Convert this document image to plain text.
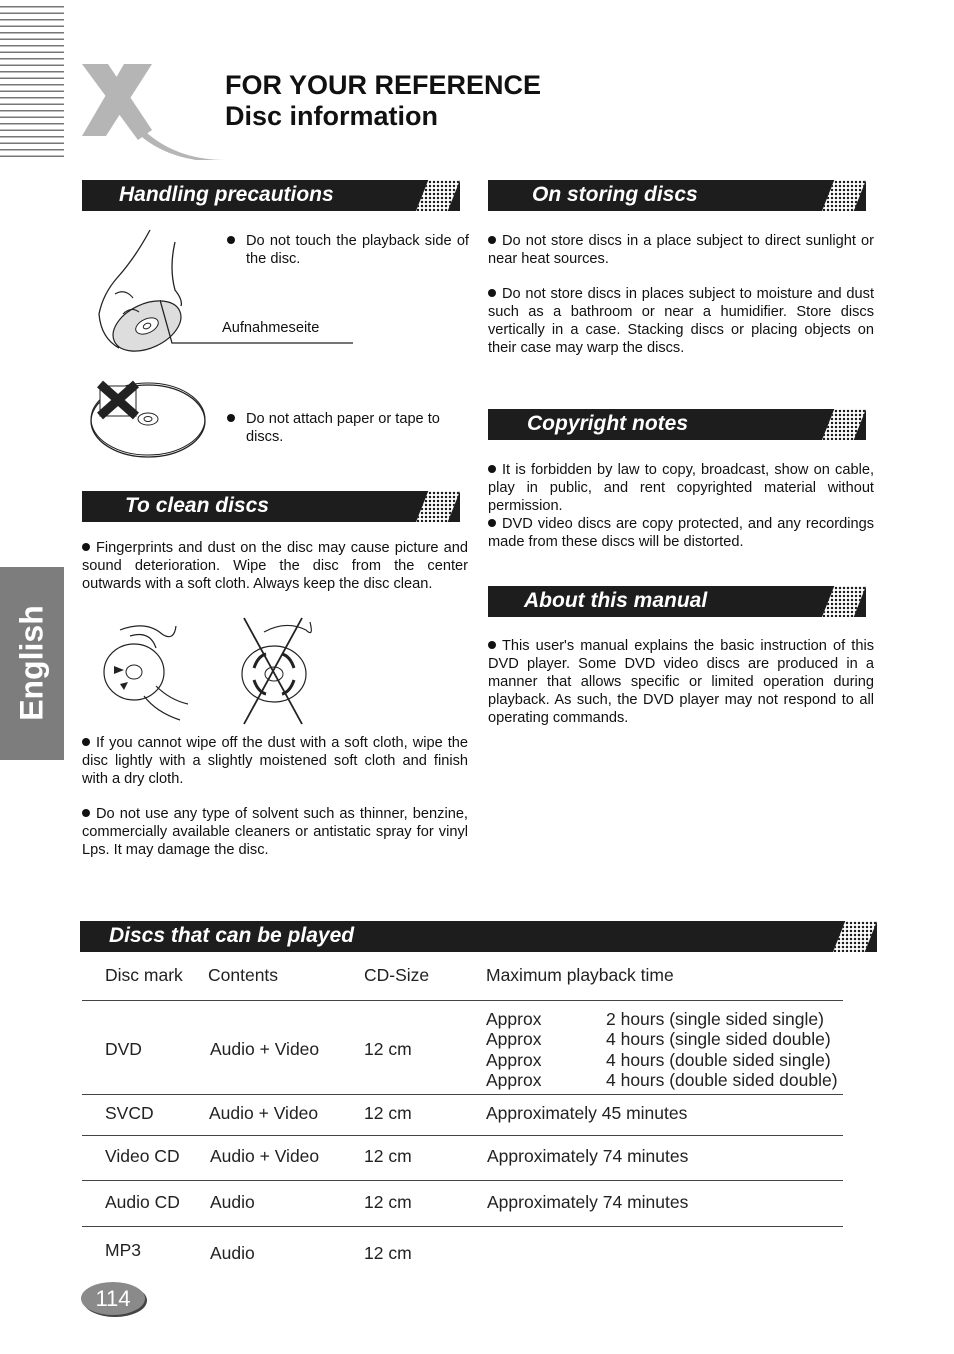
English
FOR YOUR REFERENCE
Disc information
Handling precautions
Do not touch the playback side of the disc.
Aufnahmeseite
Do not attach paper or tape to discs.
To clean discs
Fingerprints and dust on the disc may cause picture and sound deterioration. Wipe the disc from the center outwards with a soft cloth. Always keep the disc clean.
If you cannot wipe off the dust with a soft cloth, wipe the disc lightly with a slightly moistened soft cloth and finish with a dry cloth.
Do not use any type of solvent such as thinner, benzine, commercially available cleaners or antistatic spray for vinyl Lps. It may damage the disc.
On storing discs
Do not store discs in a place subject to direct sunlight or near heat sources.
Do not store discs in places subject to moisture and dust such as a bathroom or near a humidifier. Store discs vertically in a case. Stacking discs or placing objects on their case may warp the discs.
Copyright notes
It is forbidden by law to copy, broadcast, show on cable, play in public, and rent copyrighted material without permission.
DVD video discs are copy protected, and any recordings made from these discs will be distorted.
About this manual
This user's manual explains the basic instruction of this DVD player. Some DVD video discs are produced in a manner that allows specific or limited operation during playback. As such, the DVD player may not respond to all operating commands.
Discs that can be played
Disc mark Contents	CD-Size	Maximum playback time
DVD	Audio + Video	12 cm
Approx	2 hours (single sided single)
Approx	4 hours (single sided double)
Approx	4 hours (double sided single)
Approx	4 hours (double sided double)
SVCD	Audio + Video	12 cm	Approximately 45 minutes
Video CD Audio + Video	12 cm	Approximately 74 minutes
Audio CD Audio	12 cm	Approximately 74 minutes
MP3	Audio	12 cm
114
